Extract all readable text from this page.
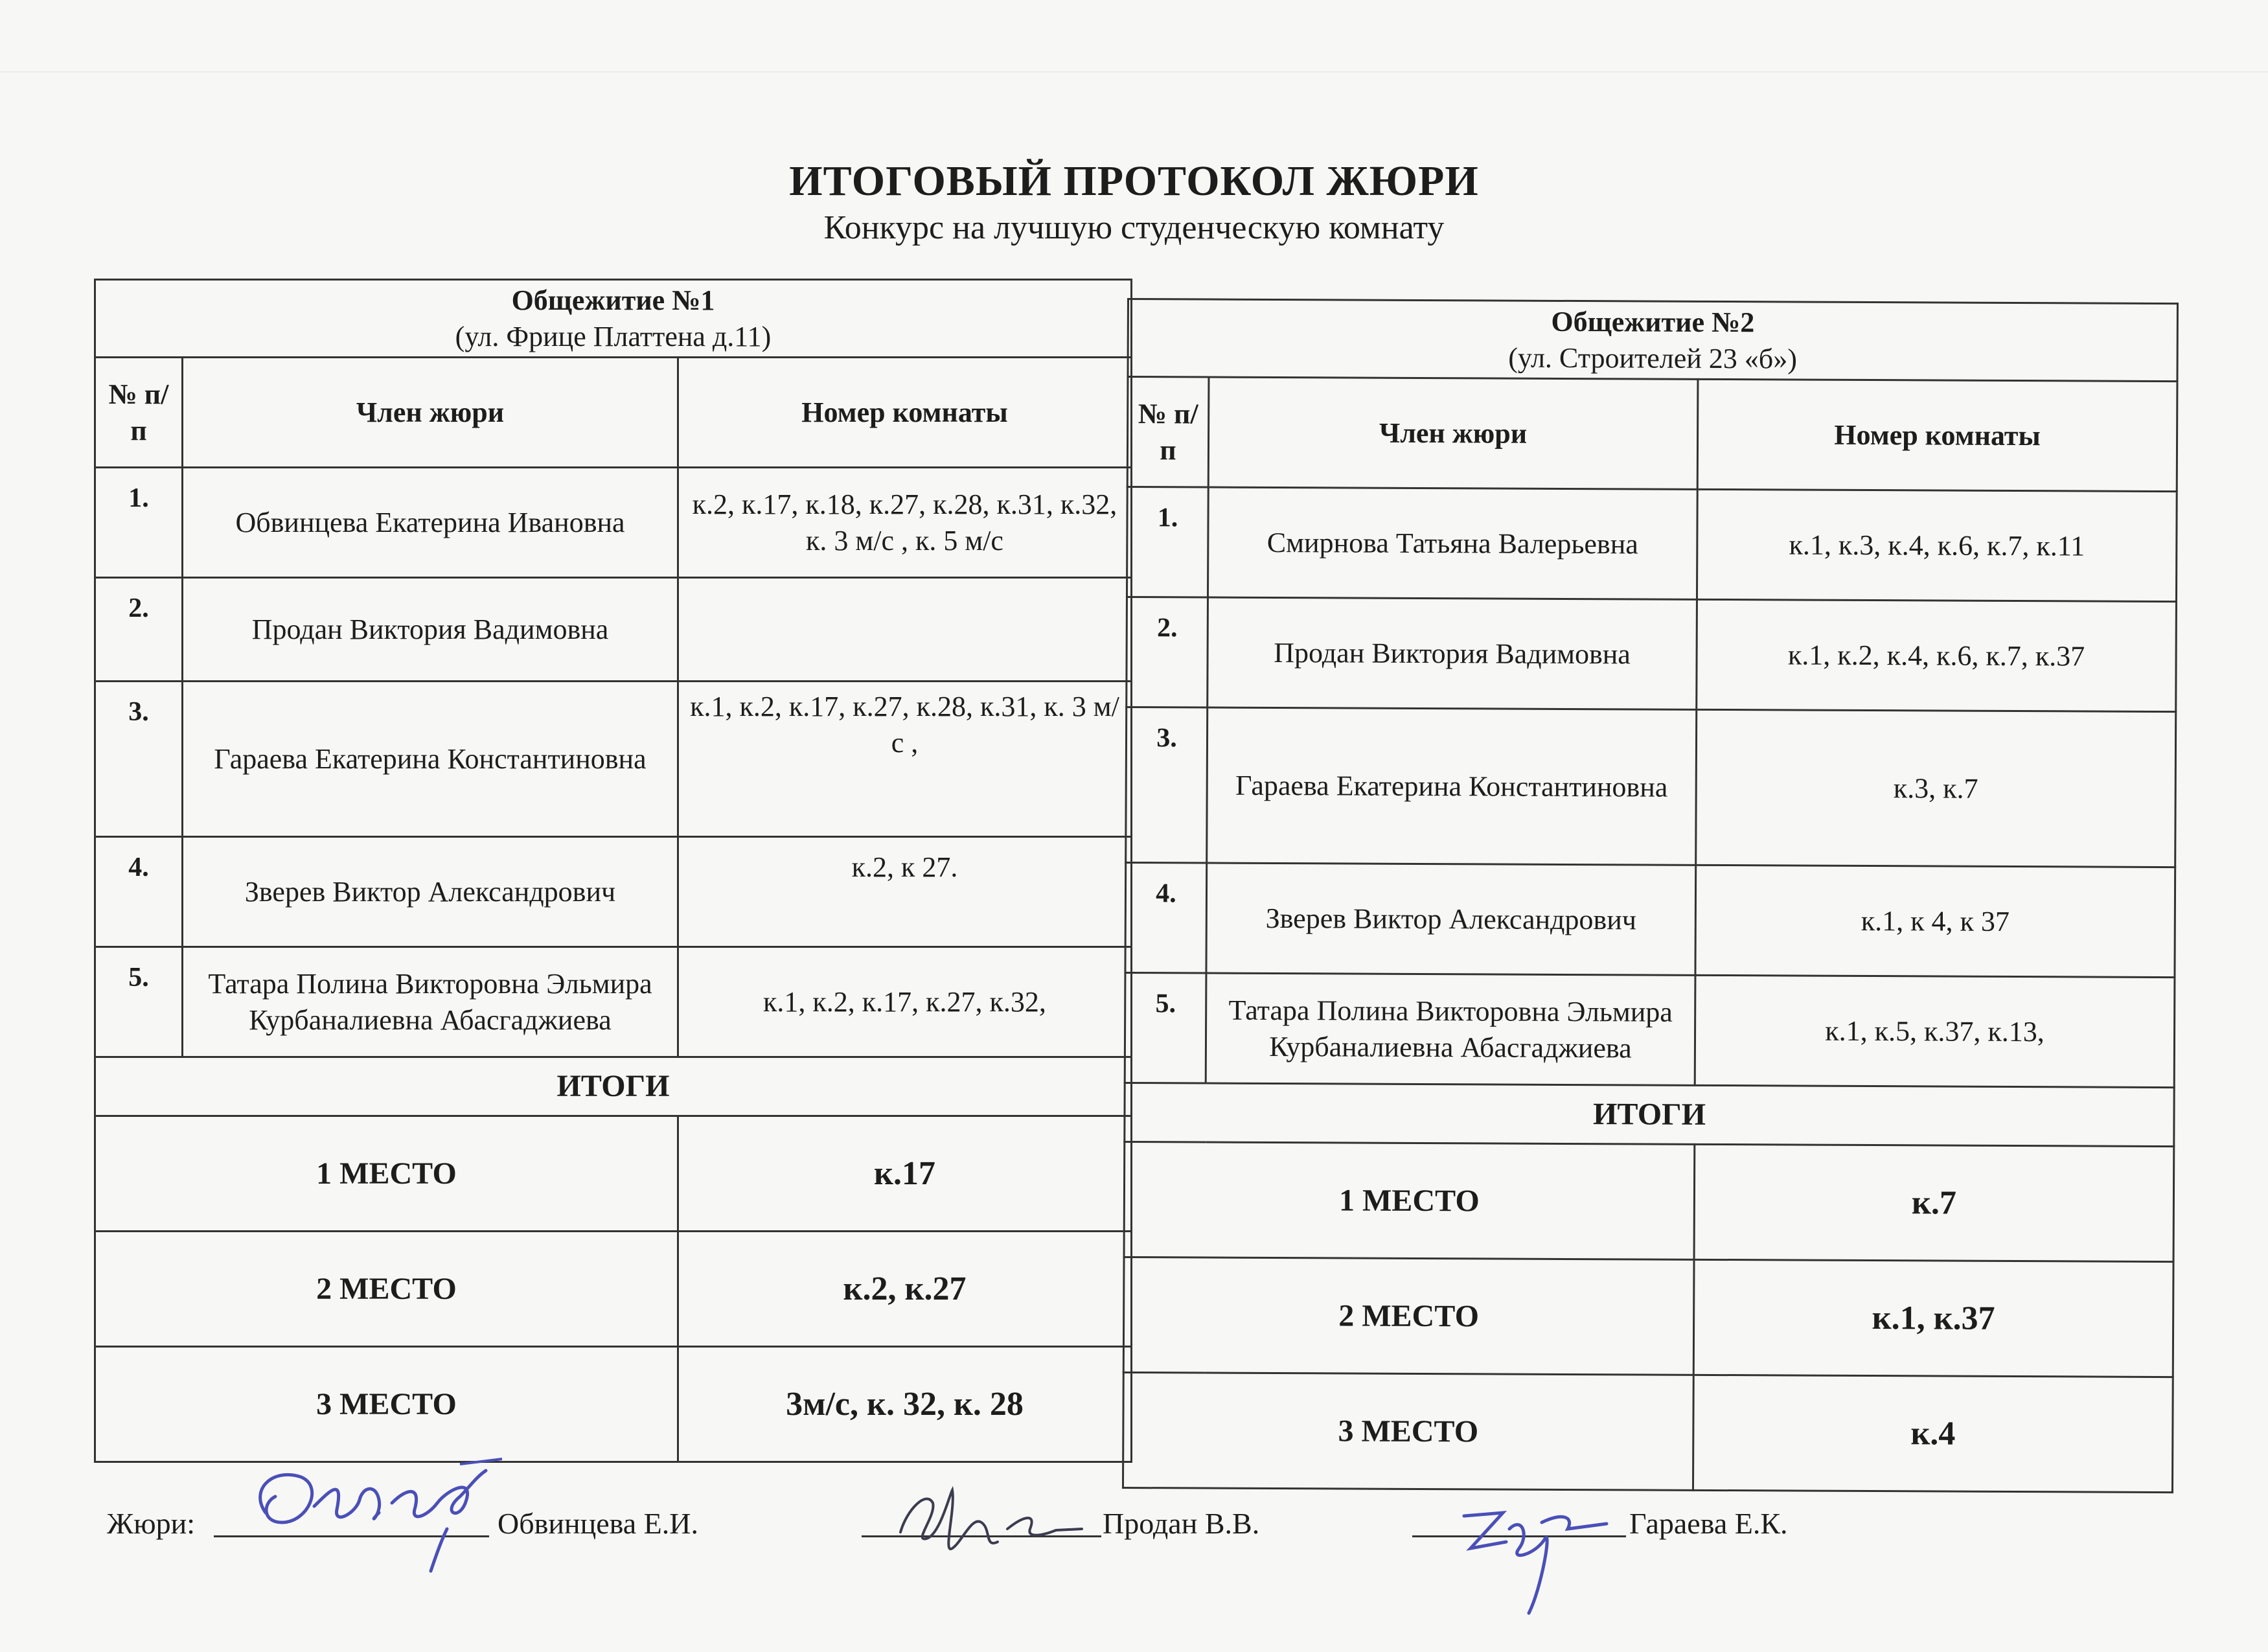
ИТОГОВЫЙ ПРОТОКОЛ ЖЮРИ
Конкурс на лучшую студенческую комнату
Общежитие №1
(ул. Фрице Платтена д.11)		

№ п/п	Член жюри	Номер комнаты
1.	Обвинцева Екатерина Ивановна	к.2, к.17, к.18, к.27, к.28, к.31, к.32, к. 3 м/с , к. 5 м/с
2.	Продан Виктория Вадимовна	
3.	Гараева Екатерина Константиновна	к.1, к.2, к.17, к.27, к.28, к.31, к. 3 м/с ,
4.	Зверев Виктор Александрович	к.2, к 27.
5.	Татара Полина Викторовна Эльмира Курбаналиевна Абасгаджиева	к.1, к.2, к.17, к.27, к.32,
ИТОГИ		
1 МЕСТО		к.17
2 МЕСТО		к.2, к.27
3 МЕСТО		3м/с, к. 32, к. 28
Общежитие №2
(ул. Строителей 23 «б»)		

№ п/п	Член жюри	Номер комнаты
1.	Смирнова Татьяна Валерьевна	к.1, к.3, к.4, к.6, к.7, к.11
2.	Продан Виктория Вадимовна	к.1, к.2, к.4, к.6, к.7, к.37
3.	Гараева Екатерина Константиновна	к.3, к.7
4.	Зверев Виктор Александрович	к.1, к 4, к 37
5.	Татара Полина Викторовна Эльмира Курбаналиевна Абасгаджиева	к.1, к.5, к.37, к.13,
ИТОГИ		
1 МЕСТО		к.7
2 МЕСТО		к.1, к.37
3 МЕСТО		к.4
Жюри:	Обвинцева Е.И.	Продан В.В.	Гараева Е.К.
